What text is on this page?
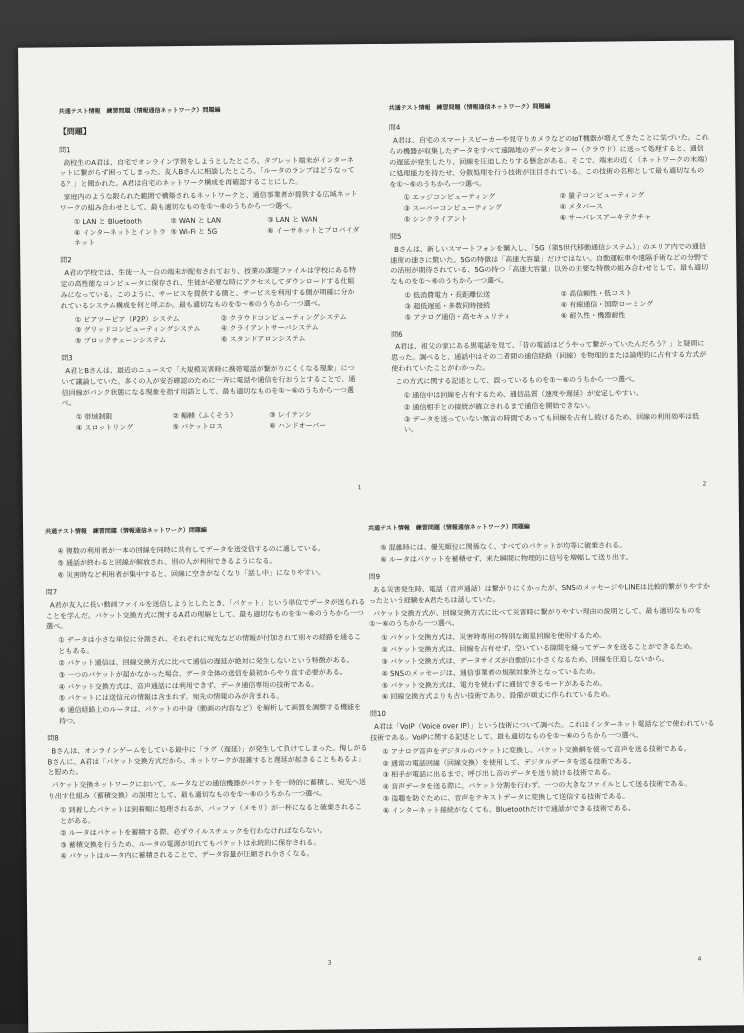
共通テスト情報　練習問題（情報通信ネットワーク）問題編
【問題】
問1
高校生のA君は、自宅でオンライン学習をしようとしたところ、タブレット端末がインターネットに繋がらず困ってしまった。友人Bさんに相談したところ、「ルータのランプはどうなってる？」と聞かれた。A君は自宅のネットワーク構成を再確認することにした。
家庭内のような限られた範囲で構築されるネットワークと、通信事業者が提供する広域ネットワークの組み合わせとして、最も適切なものを①〜⑥のうちから一つ選べ。
① LAN と Bluetooth	② WAN と LAN	③ LAN と WAN
④ インターネットとイントラネット
⑤ Wi-Fi と 5G	⑥ イーサネットとプロバイダ
問2
A君の学校では、生徒一人一台の端末が配布されており、授業の課題ファイルは学校にある特定の高性能なコンピュータに保存され、生徒が必要な時にアクセスしてダウンロードする仕組みになっている。このように、サービスを提供する側と、サービスを利用する側が明確に分かれているシステム構成を何と呼ぶか。最も適切なものを①〜⑥のうちから一つ選べ。
① ピアツーピア（P2P）システム	② クラウドコンピューティングシステム
③ グリッドコンピューティングシステム	④ クライアントサーバシステム
⑤ ブロックチェーンシステム	⑥ スタンドアロンシステム
問3
A君とBさんは、最近のニュースで「大規模災害時に携帯電話が繋がりにくくなる現象」について議論していた。多くの人が安否確認のために一斉に電話や通信を行おうとすることで、通信回線がパンク状態になる現象を指す用語として、最も適切なものを①〜⑥のうちから一つ選べ。
① 帯域制限	② 輻輳（ふくそう）	③ レイテンシ
④ スロットリング	⑤ パケットロス	⑥ ハンドオーバー
1
共通テスト情報　練習問題（情報通信ネットワーク）問題編
問4
A君は、自宅のスマートスピーカーや見守りカメラなどのIoT機器が増えてきたことに気づいた。これらの機器が収集したデータをすべて遠隔地のデータセンター（クラウド）に送って処理すると、通信の遅延が発生したり、回線を圧迫したりする懸念がある。そこで、端末の近く（ネットワークの末端）に処理能力を持たせ、分散処理を行う技術が注目されている。この技術の名称として最も適切なものを①〜⑥のうちから一つ選べ。
① エッジコンピューティング	② 量子コンピューティング
③ スーパーコンピューティング	④ メタバース
⑤ シンクライアント	⑥ サーバレスアーキテクチャ
問5
Bさんは、新しいスマートフォンを購入し、「5G（第5世代移動通信システム）」のエリア内での通信速度の速さに驚いた。5Gの特徴は「高速大容量」だけではない。自動運転車や遠隔手術などの分野での活用が期待されている、5Gの持つ「高速大容量」以外の主要な特徴の組み合わせとして、最も適切なものを①〜⑥のうちから一つ選べ。
① 低消費電力・長距離伝送	② 高信頼性・低コスト
③ 超低遅延・多数同時接続	④ 有線通信・国際ローミング
⑤ アナログ通信・高セキュリティ	⑥ 耐久性・機器耐性
問6
A君は、祖父の家にある黒電話を見て、「昔の電話はどうやって繋がっていたんだろう？」と疑問に思った。調べると、通話中はその二者間の通信経路（回線）を物理的または論理的に占有する方式が使われていたことがわかった。
この方式に関する記述として、誤っているものを①〜⑥のうちから一つ選べ。
① 通信中は回線を占有するため、通信品質（速度や遅延）が安定しやすい。
② 通信相手との接続が確立されるまで通信を開始できない。
③ データを送っていない無言の時間であっても回線を占有し続けるため、回線の利用効率は低い。
2
共通テスト情報　練習問題（情報通信ネットワーク）問題編
④ 複数の利用者が一本の回線を同時に共有してデータを送受信するのに適している。
⑤ 通話が終わると回線が解放され、別の人が利用できるようになる。
⑥ 災害時など利用者が集中すると、回線に空きがなくなり「話し中」になりやすい。
問7
A君が友人に長い動画ファイルを送信しようとしたとき、「パケット」という単位でデータが送られることを学んだ。パケット交換方式に関するA君の理解として、最も適切なものを①〜⑥のうちから一つ選べ。
① データは小さな単位に分割され、それぞれに宛先などの情報が付加されて別々の経路を通ることもある。
② パケット通信は、回線交換方式に比べて通信の遅延が絶対に発生しないという特徴がある。
③ 一つのパケットが届かなかった場合、データ全体の送信を最初からやり直す必要がある。
④ パケット交換方式は、音声通話には利用できず、データ通信専用の技術である。
⑤ パケットには送信元の情報は含まれず、宛先の情報のみが含まれる。
⑥ 通信経路上のルータは、パケットの中身（動画の内容など）を解析して画質を調整する機能を持つ。
問8
Bさんは、オンラインゲームをしている最中に「ラグ（遅延）」が発生して負けてしまった。悔しがるBさんに、A君は「パケット交換方式だから、ネットワークが混雑すると遅延が起きることもあるよ」と慰めた。
パケット交換ネットワークにおいて、ルータなどの通信機器がパケットを一時的に蓄積し、宛先へ送り出す仕組み（蓄積交換）の説明として、最も適切なものを①〜⑥のうちから一つ選べ。
① 到着したパケットは到着順に処理されるが、バッファ（メモリ）が一杯になると破棄されることがある。
② ルータはパケットを蓄積する際、必ずウイルスチェックを行わなければならない。
③ 蓄積交換を行うため、ルータの電源が切れてもパケットは永続的に保存される。
④ パケットはルータ内に蓄積されることで、データ容量が圧縮され小さくなる。
3
共通テスト情報　練習問題（情報通信ネットワーク）問題編
⑤ 混雑時には、優先順位に関係なく、すべてのパケットが均等に破棄される。
⑥ ルータはパケットを蓄積せず、来た瞬間に物理的に信号を増幅して送り出す。
問9
ある災害発生時、電話（音声通話）は繋がりにくかったが、SNSのメッセージやLINEは比較的繋がりやすかったという経験をA君たちは話していた。
パケット交換方式が、回線交換方式に比べて災害時に繋がりやすい理由の説明として、最も適切なものを①〜⑥のうちから一つ選べ。
① パケット交換方式は、災害時専用の特別な衛星回線を使用するため。
② パケット交換方式は、回線を占有せず、空いている隙間を縫ってデータを送ることができるため。
③ パケット交換方式は、データサイズが自動的に小さくなるため、回線を圧迫しないから。
④ SNSのメッセージは、通信事業者の規制対象外となっているため。
⑤ パケット交換方式は、電力を使わずに通信できるモードがあるため。
⑥ 回線交換方式よりも古い技術であり、設備が頑丈に作られているため。
問10
A君は「VoIP（Voice over IP）」という技術について調べた。これはインターネット電話などで使われている技術である。VoIPに関する記述として、最も適切なものを①〜⑥のうちから一つ選べ。
① アナログ音声をデジタルのパケットに変換し、パケット交換網を使って音声を送る技術である。
② 通常の電話回線（回線交換）を使用して、デジタルデータを送る技術である。
③ 相手が電話に出るまで、呼び出し音のデータを送り続ける技術である。
④ 音声データを送る際に、パケット分割を行わず、一つの大きなファイルとして送る技術である。
⑤ 盗聴を防ぐために、音声をテキストデータに変換して送信する技術である。
⑥ インターネット接続がなくても、Bluetoothだけで通話ができる技術である。
4
